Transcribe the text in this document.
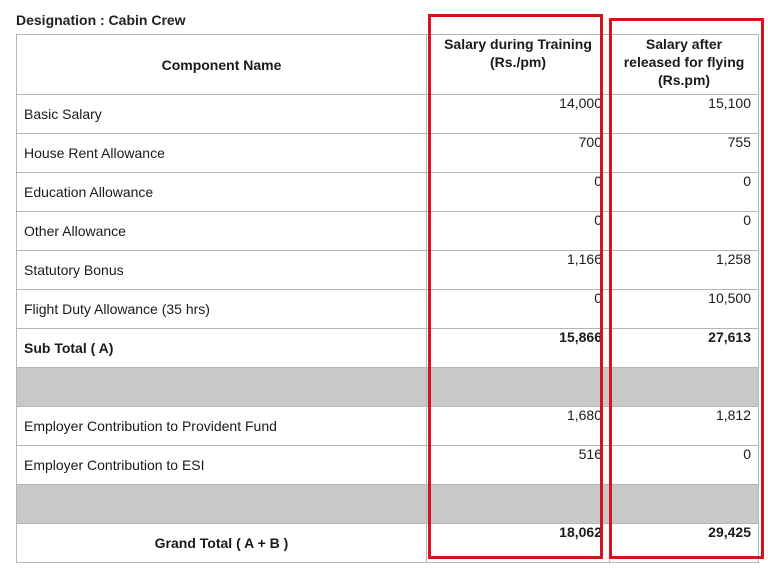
Designation : Cabin Crew
Component Name	Salary during Training (Rs./pm)	Salary after released for flying (Rs.pm)
Basic Salary	14,000	15,100
House Rent Allowance	700	755
Education Allowance	0	0
Other Allowance	0	0
Statutory Bonus	1,166	1,258
Flight Duty Allowance (35 hrs)	0	10,500
Sub Total ( A)	15,866	27,613

Employer Contribution to Provident Fund	1,680	1,812
Employer Contribution to ESI	516	0

Grand Total ( A + B )	18,062	29,425
